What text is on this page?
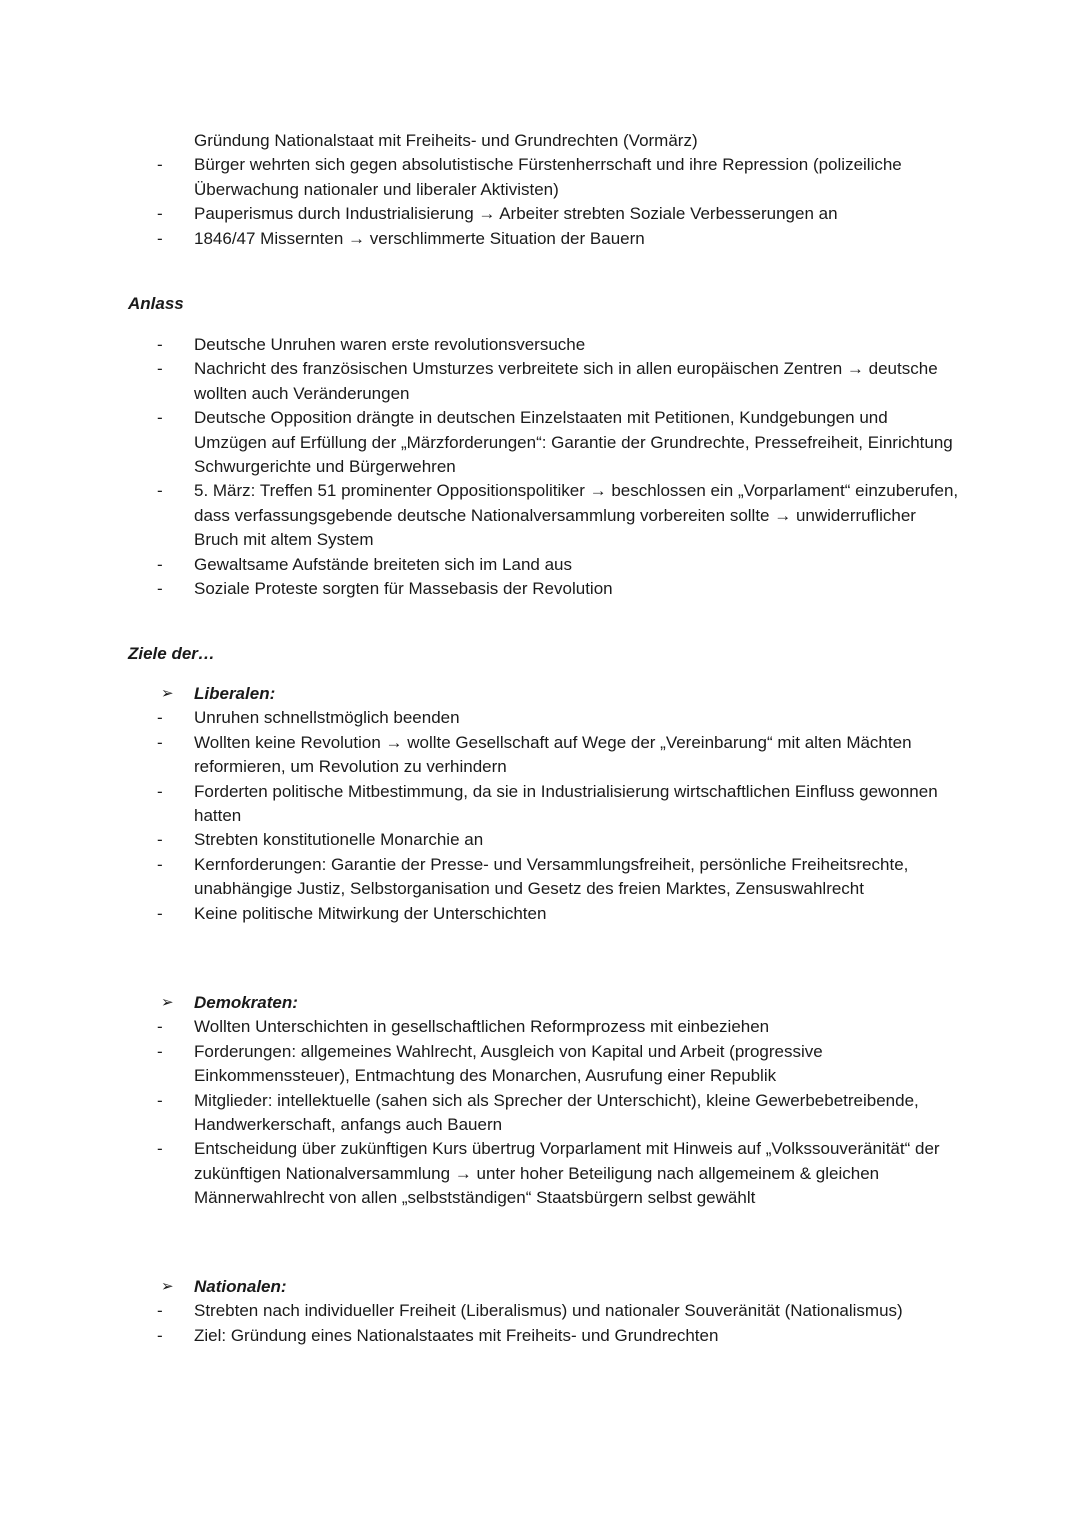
Gründung Nationalstaat mit Freiheits- und Grundrechten (Vormärz)
- Bürger wehrten sich gegen absolutistische Fürstenherrschaft und ihre Repression (polizeiliche Überwachung nationaler und liberaler Aktivisten)
- Pauperismus durch Industrialisierung → Arbeiter strebten Soziale Verbesserungen an
- 1846/47 Missernten → verschlimmerte Situation der Bauern
Anlass
- Deutsche Unruhen waren erste revolutionsversuche
- Nachricht des französischen Umsturzes verbreitete sich in allen europäischen Zentren → deutsche wollten auch Veränderungen
- Deutsche Opposition drängte in deutschen Einzelstaaten mit Petitionen, Kundgebungen und Umzügen auf Erfüllung der „Märzforderungen“: Garantie der Grundrechte, Pressefreiheit, Einrichtung Schwurgerichte und Bürgerwehren
- 5. März: Treffen 51 prominenter Oppositionspolitiker → beschlossen ein „Vorparlament“ einzuberufen, dass verfassungsgebende deutsche Nationalversammlung vorbereiten sollte → unwiderruflicher Bruch mit altem System
- Gewaltsame Aufstände breiteten sich im Land aus
- Soziale Proteste sorgten für Massebasis der Revolution
Ziele der…
➢ Liberalen:
- Unruhen schnellstmöglich beenden
- Wollten keine Revolution → wollte Gesellschaft auf Wege der „Vereinbarung“ mit alten Mächten reformieren, um Revolution zu verhindern
- Forderten politische Mitbestimmung, da sie in Industrialisierung wirtschaftlichen Einfluss gewonnen hatten
- Strebten konstitutionelle Monarchie an
- Kernforderungen: Garantie der Presse- und Versammlungsfreiheit, persönliche Freiheitsrechte, unabhängige Justiz, Selbstorganisation und Gesetz des freien Marktes, Zensuswahlrecht
- Keine politische Mitwirkung der Unterschichten
➢ Demokraten:
- Wollten Unterschichten in gesellschaftlichen Reformprozess mit einbeziehen
- Forderungen: allgemeines Wahlrecht, Ausgleich von Kapital und Arbeit (progressive Einkommenssteuer), Entmachtung des Monarchen, Ausrufung einer Republik
- Mitglieder: intellektuelle (sahen sich als Sprecher der Unterschicht), kleine Gewerbebetreibende, Handwerkerschaft, anfangs auch Bauern
- Entscheidung über zukünftigen Kurs übertrug Vorparlament mit Hinweis auf „Volkssouveränität“ der zukünftigen Nationalversammlung → unter hoher Beteiligung nach allgemeinem & gleichen Männerwahlrecht von allen „selbstständigen“ Staatsbürgern selbst gewählt
➢ Nationalen:
- Strebten nach individueller Freiheit (Liberalismus) und nationaler Souveränität (Nationalismus)
- Ziel: Gründung eines Nationalstaates mit Freiheits- und Grundrechten
